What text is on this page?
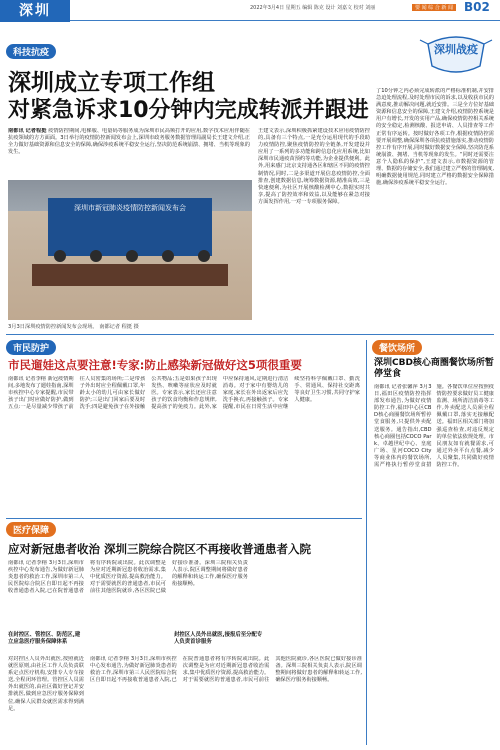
深圳	2022年3月4日 星期五 编辑 陈克 设计 刘嘉文 校对 刘丽	要 闻 综 合 新 闻 B02
深圳战疫
科技抗疫
深圳成立专项工作组
对紧急诉求10分钟内完成转派并跟进
南都讯 记者程挺 疫情防控期间,电梯服、电量码等服务成为深圳市民高频打开的应用,数字技术应用伴随在抗疫领域的方方面面。3日举行的疫情防控新闻发布会上,深圳市政务服务数据管理局副局长王建文介绍,正全力做好基础资源和信息安全的保障,确保涉疫系统平稳安全运行,坚决防范系统崩溃、拥堵、当机等现象的发生。
深圳市新冠肺炎疫情防控新闻发布会
3月3日深圳疫情防控新闻发布会现场。 南都记者 程挺 摄
王建文表示,深圳积极抓紧建设技术应用疫情防控的,具备有三个特点,一是充分运用现代的手段助力疫情防控,聚焦疫情防控的全链条,开发建设并应用了一系列的多功能和跨信息化应用系统,比如深圳市民通疫苗预约等功能,为企业提供便利。此外,用来感门北京支持通各区和辖区不同的疫情控制情况,同时,二是多渠道开展信息疫情防控,全面排查,创建数据信息,统筹数据资源,精准高效,三是快速便利,为社区开展核酸检测中心,数据实时共享,提高了防控效率和效益,以及能够在紧急对接方面发挥作用,一对一专项服务保障。
了10分钟之内必须完成转派的严格标准机制,并安排急迫处理流程,及时处理市民的诉求,以及收获市民的满意度,推动解决问题,就近安排。三是全方位好基础资源和信息安全的保障,王建文介绍,疫情防控系统是用户有增长,开发的实用产品,确保疫情防控相关系统的安全稳定,检测核酸、报送申请、人员排查等工作正常有序运转。按时做好各项工作,根据疫情防控需要开展调整,确保深圳各项抗疫措施落实,推动疫情防控工作有序开展,同时做好数据安全保障,坚决防范系统崩溃、拥堵、当机等现象的发生。“同时还需要注意个人隐私的保护”,王建文表示,市数据资源的管理、数据的存储安全,我们通过建立严格的管理制度,明确数据使用规范,同时建立严格的数据安全保障措施,确保涉疫系统平稳安全运行。
市民防护
市民遛娃这点要注意!专家:防止感染新冠做好这5项很重要
南都讯 记者李榕 新冠疫情期间,多地发布了遛娃指南,深圳市疾控中心专家提醒,市民带孩子出门时应做好防护,做到五点:一是尽量减少带孩子前往人员密集的场所;二是带孩子外出时应全程佩戴口罩,年龄太小的幼儿可由家长做好防护;三是出门回家后要及时洗手;四是避免孩子在外接触公共物品;五是如果孩子出现发热、咳嗽等症状应及时就医。专家表示,家长还应注意孩子的饮食均衡和作息规律,提高孩子的免疫力。此外,家中应保持通风,定期进行清洁消毒。对于家中有婴幼儿的家庭,家长在外出返家后应先洗手换衣,再接触孩子。专家提醒,市民在日常生活中应继续坚持科学佩戴口罩、勤洗手、常通风、保持社交距离等良好卫生习惯,共同守护家人健康。
餐饮场所
深圳CBD核心商圈餐饮场所暂停堂食
南都讯 记者张馨萍 3月3日,福田区疫情防控指挥部发布通告,为做好疫情防控工作,福田中心区CBD核心商圈餐饮场所暂停堂食服务,只提供外卖配送服务。通告指出,CBD核心商圈包括COCO Park、卓越世纪中心、皇庭广场、星河COCO City等商业体内的餐饮场所,需严格执行暂停堂食措施。各餐饮单位应按照疫情防控要求做好员工健康监测、场所清洁消毒等工作,外卖配送人员须全程佩戴口罩,落实无接触配送。福田区相关部门将加强巡查检查,对违反规定的单位依法依规处理。市民朋友如有就餐需求,可通过外卖平台点餐,减少人员聚集,共同做好疫情防控工作。
医疗保障
应对新冠患者收治 深圳三院综合院区不再接收普通患者入院
南都讯 记者李榕 3月3日,深圳市疾控中心发布通告,为做好新冠肺炎患者的救治工作,深圳市第三人民医院综合院区自即日起不再接收普通患者入院,已在院普通患者将有序转院或出院。此次调整是为应对近期新冠患者收治需求,集中优质医疗资源,提高救治能力。对于需要就医的普通患者,市民可前往其他医院就诊,各区医院已做好接诊准备。深圳三院相关负责人表示,院区调整期间将做好患者的解释和转运工作,确保医疗服务衔接顺畅。
在封控区、管控区、防范区,建立应急医疗服务保障体系
对封控区人员外出就医,按照就近就医原则,由社区工作人员负责联系定点医疗机构,安排专人专车接送,全程闭环管理。管控区人员需外出就医的,由社区做好登记并安排就医,做到应急医疗服务保障到位,确保人民群众就医需求得到满足。
封控区人员外出就医,接报后至分配专人负责首诊服务
南都讯 记者李榕 3月3日,深圳市疾控中心发布通告,为做好新冠肺炎患者的救治工作,深圳市第三人民医院综合院区自即日起不再接收普通患者入院,已在院普通患者将有序转院或出院。此次调整是为应对近期新冠患者收治需求,集中优质医疗资源,提高救治能力。对于需要就医的普通患者,市民可前往其他医院就诊,各区医院已做好接诊准备。深圳三院相关负责人表示,院区调整期间将做好患者的解释和转运工作,确保医疗服务衔接顺畅。
